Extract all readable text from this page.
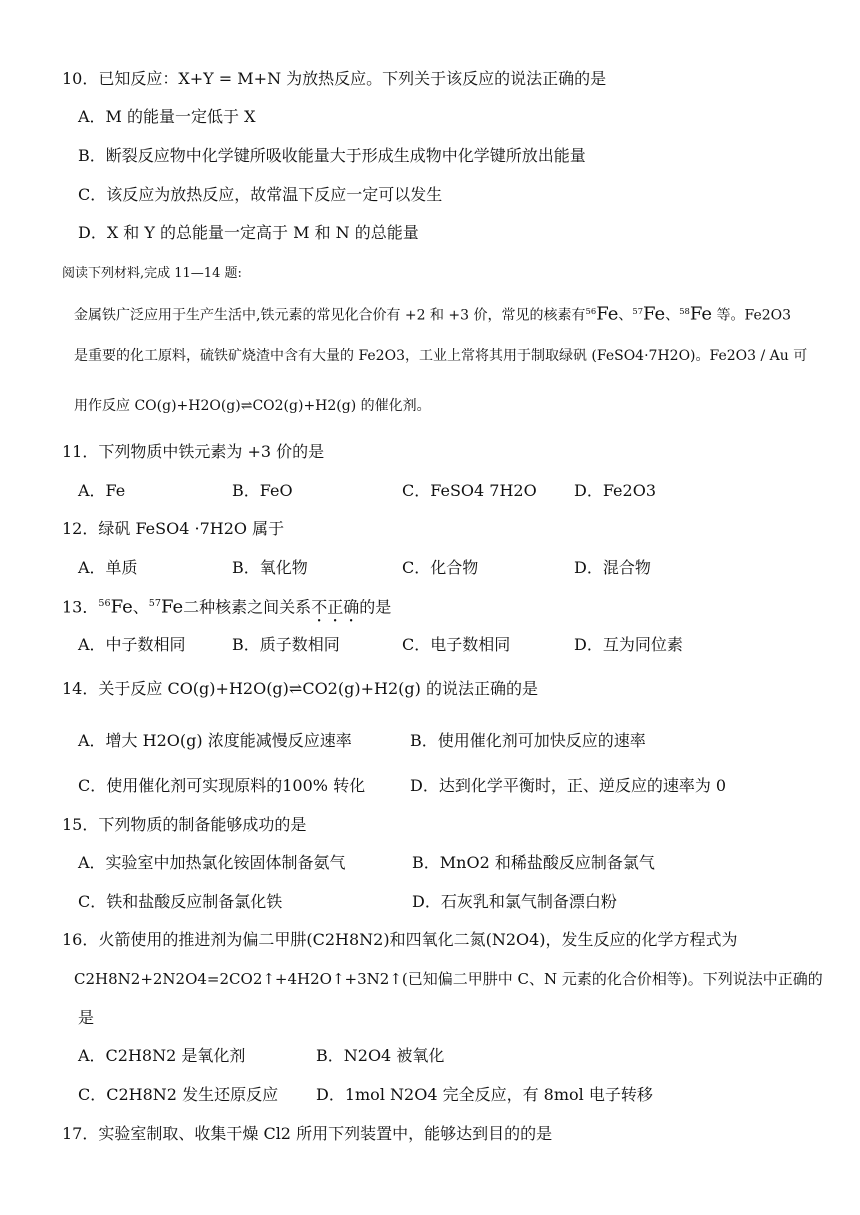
10．已知反应：X+Y = M+N 为放热反应。下列关于该反应的说法正确的是
A．M 的能量一定低于 X
B．断裂反应物中化学键所吸收能量大于形成生成物中化学键所放出能量
C．该反应为放热反应，故常温下反应一定可以发生
D．X 和 Y 的总能量一定高于 M 和 N 的总能量
阅读下列材料,完成 11—14 题:
金属铁广泛应用于生产生活中,铁元素的常见化合价有 +2 和 +3 价，常见的核素有$^{56}$Fe、$^{57}$Fe、$^{58}$Fe 等。Fe2O3
是重要的化工原料，硫铁矿烧渣中含有大量的 Fe2O3，工业上常将其用于制取绿矾 (FeSO4·7H2O)。Fe2O3 / Au 可
用作反应 CO(g)+H2O(g)⇌CO2(g)+H2(g) 的催化剂。
11．下列物质中铁元素为 +3 价的是
A．Fe	B．FeO	C．FeSO4 7H2O D．Fe2O3
12．绿矾 FeSO4 ·7H2O 属于
A．单质	B．氧化物	C．化合物	D．混合物
13．$^{56}$Fe、$^{57}$Fe二种核素之间关系不正确的是
A．中子数相同	B．质子数相同	C．电子数相同	D．互为同位素
14．关于反应 CO(g)+H2O(g)⇌CO2(g)+H2(g) 的说法正确的是
A．增大 H2O(g) 浓度能减慢反应速率	B．使用催化剂可加快反应的速率
C．使用催化剂可实现原料的100% 转化	D．达到化学平衡时，正、逆反应的速率为 0
15．下列物质的制备能够成功的是
A．实验室中加热氯化铵固体制备氨气	B．MnO2 和稀盐酸反应制备氯气
C．铁和盐酸反应制备氯化铁	D．石灰乳和氯气制备漂白粉
16．火箭使用的推进剂为偏二甲肼(C2H8N2)和四氧化二氮(N2O4)，发生反应的化学方程式为
C2H8N2+2N2O4=2CO2↑+4H2O↑+3N2↑(已知偏二甲肼中 C、N 元素的化合价相等)。下列说法中正确的
是
A．C2H8N2 是氧化剂	B．N2O4 被氧化
C．C2H8N2 发生还原反应 D．1mol N2O4 完全反应，有 8mol 电子转移
17．实验室制取、收集干燥 Cl2 所用下列装置中，能够达到目的的是
